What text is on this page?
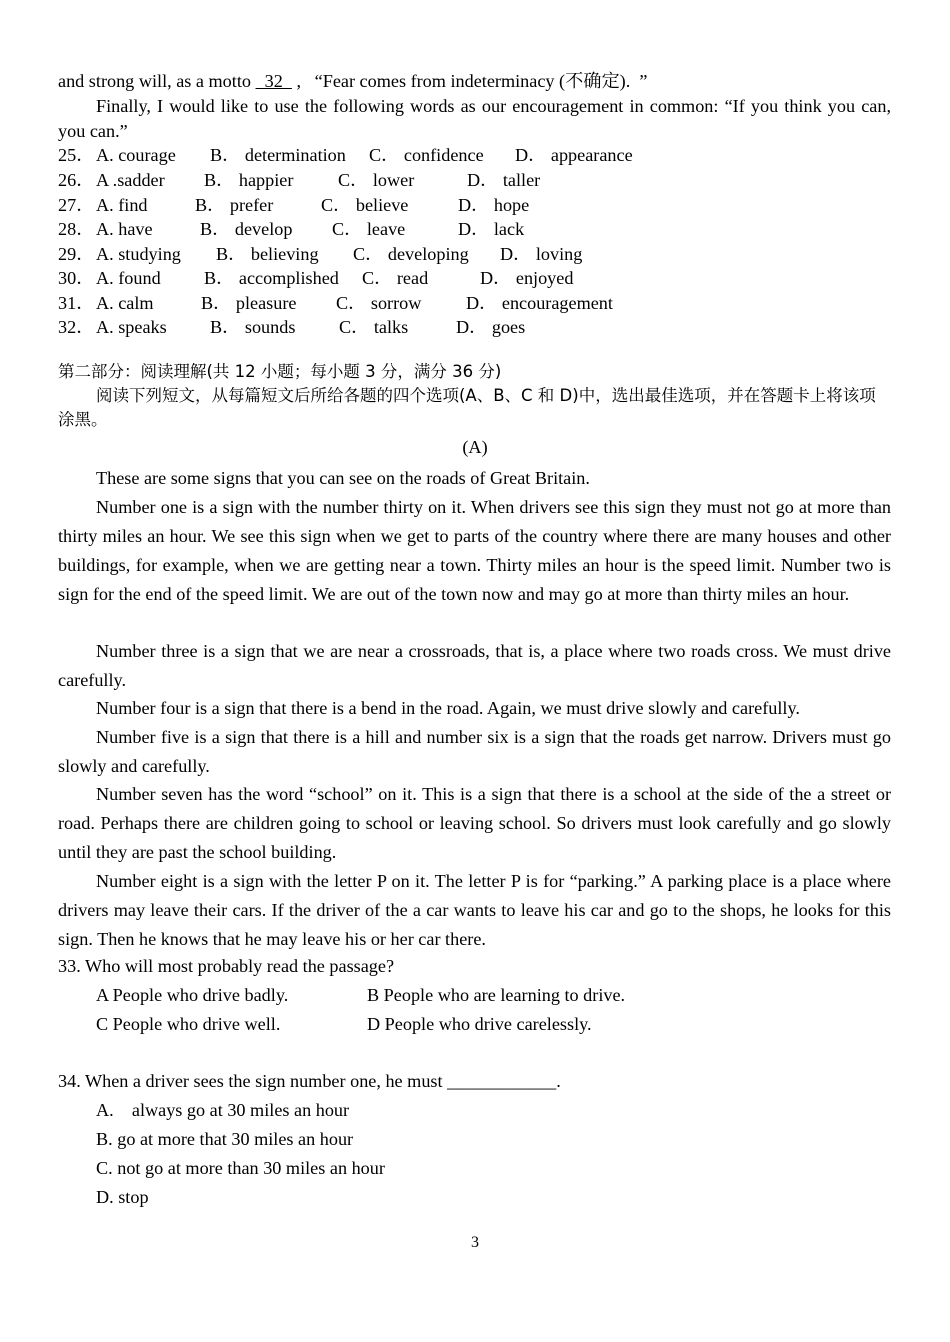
and strong will, as a motto   32   ,   “Fear comes from indeterminacy (不确定).  ”

Finally, I would like to use the following words as our encouragement in common: “If you think you can, you can.”

25． A. courage B． determination C． confidence D． appearance
26． A .sadder B． happier C． lower	D． taller
27． A. find	B． prefer	C． believe	D． hope
28． A. have	B． develop C． leave	D． lack
29． A. studying B． believing C． developing D． loving
30． A. found B． accomplished C． read	D． enjoyed
31． A. calm	B． pleasure C． sorrow D． encouragement
32． A. speaks B． sounds C． talks	D． goes
第二部分：阅读理解(共 12 小题；每小题 3 分，满分 36 分)

阅读下列短文，从每篇短文后所给各题的四个选项(A、B、C 和 D)中，选出最佳选项，并在答题卡上将该项涂黑。

(A)

These are some signs that you can see on the roads of Great Britain.

Number one is a sign with the number thirty on it. When drivers see this sign they must not go at more than thirty miles an hour. We see this sign when we get to parts of the country where there are many houses and other buildings, for example, when we are getting near a town. Thirty miles an hour is the speed limit. Number two is sign for the end of the speed limit. We are out of the town now and may go at more than thirty miles an hour.

Number three is a sign that we are near a crossroads, that is, a place where two roads cross. We must drive carefully.

Number four is a sign that there is a bend in the road. Again, we must drive slowly and carefully.

Number five is a sign that there is a hill and number six is a sign that the roads get narrow. Drivers must go slowly and carefully.

Number seven has the word “school” on it. This is a sign that there is a school at the side of the a street or road. Perhaps there are children going to school or leaving school. So drivers must look carefully and go slowly until they are past the school building.

Number eight is a sign with the letter P on it. The letter P is for “parking.” A parking place is a place where drivers may leave their cars. If the driver of the a car wants to leave his car and go to the shops, he looks for this sign. Then he knows that he may leave his or her car there.

33. Who will most probably read the passage?
A People who drive badly.	B People who are learning to drive.
C People who drive well.	D People who drive carelessly.
34. When a driver sees the sign number one, he must ____________.
A.    always go at 30 miles an hour
B. go at more that 30 miles an hour
C. not go at more than 30 miles an hour
D. stop
3
